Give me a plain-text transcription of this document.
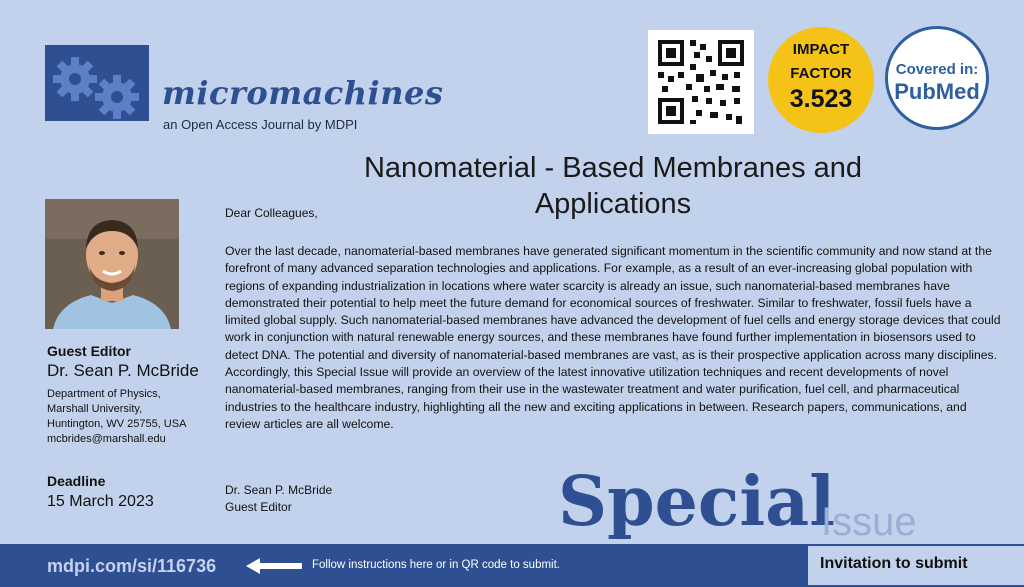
micromachines
an Open Access Journal by MDPI
IMPACT
FACTOR
3.523
Covered in:
PubMed
Nanomaterial - Based Membranes and Applications
Guest Editor
Dr. Sean P. McBride
Department of Physics,
Marshall University,
Huntington, WV 25755, USA
mcbrides@marshall.edu
Deadline
15 March 2023
Dear Colleagues,

Over the last decade, nanomaterial-based membranes have generated significant momentum in the scientific community and now stand at the forefront of many advanced separation technologies and applications. For example, as a result of an ever-increasing global population with regions of expanding industrialization in locations where water scarcity is already an issue, such nanomaterial-based membranes have demonstrated their potential to help meet the future demand for economical sources of freshwater. Similar to freshwater, fossil fuels have a limited global supply. Such nanomaterial-based membranes have advanced the development of fuel cells and energy storage devices that could work in conjunction with natural renewable energy sources, and these membranes have found further implementation in biosensors used to detect DNA. The potential and diversity of nanomaterial-based membranes are vast, as is their prospective application across many disciplines. Accordingly, this Special Issue will provide an overview of the latest innovative utilization techniques and recent developments of novel nanomaterial-based membranes, ranging from their use in the wastewater treatment and water purification, fuel cell, and pharmaceutical industries to the healthcare industry, highlighting all the new and exciting applications in between. Research papers, communications, and review articles are all welcome.

Dr. Sean P. McBride
Guest Editor	Special
Issue
mdpi.com/si/116736	Follow instructions here or in QR code to submit.	Invitation to submit
